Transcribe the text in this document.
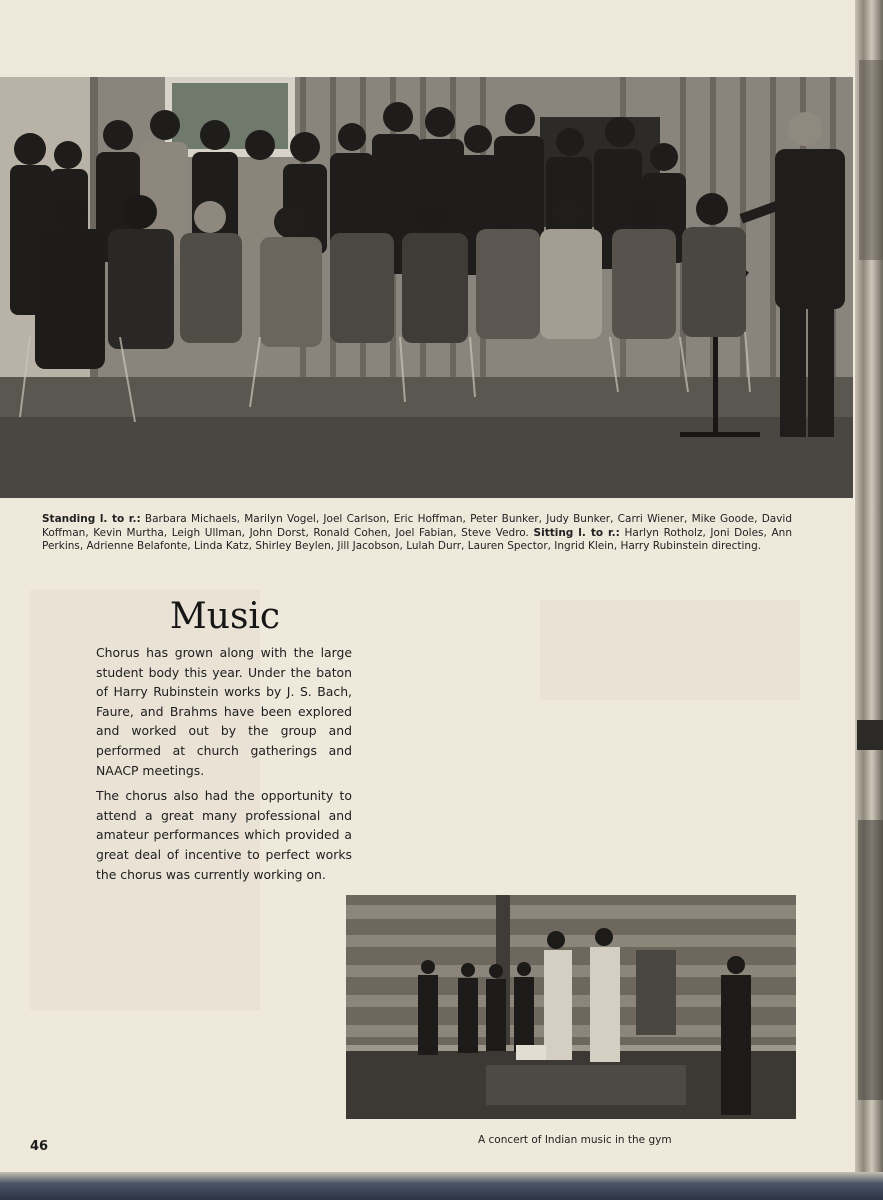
Standing l. to r.: Barbara Michaels, Marilyn Vogel, Joel Carlson, Eric Hoffman, Peter Bunker, Judy Bunker, Carri Wiener, Mike Goode, David Koffman, Kevin Murtha, Leigh Ullman, John Dorst, Ronald Cohen, Joel Fabian, Steve Vedro. Sitting l. to r.: Harlyn Rotholz, Joni Doles, Ann Perkins, Adrienne Belafonte, Linda Katz, Shirley Beylen, Jill Jacobson, Lulah Durr, Lauren Spector, Ingrid Klein, Harry Rubinstein directing.
Music

Chorus has grown along with the large student body this year. Under the baton of Harry Rubinstein works by J. S. Bach, Faure, and Brahms have been explored and worked out by the group and performed at church gatherings and NAACP meetings.

The chorus also had the opportunity to attend a great many professional and amateur performances which provided a great deal of incentive to perfect works the chorus was currently working on.

A concert of Indian music in the gym
46
